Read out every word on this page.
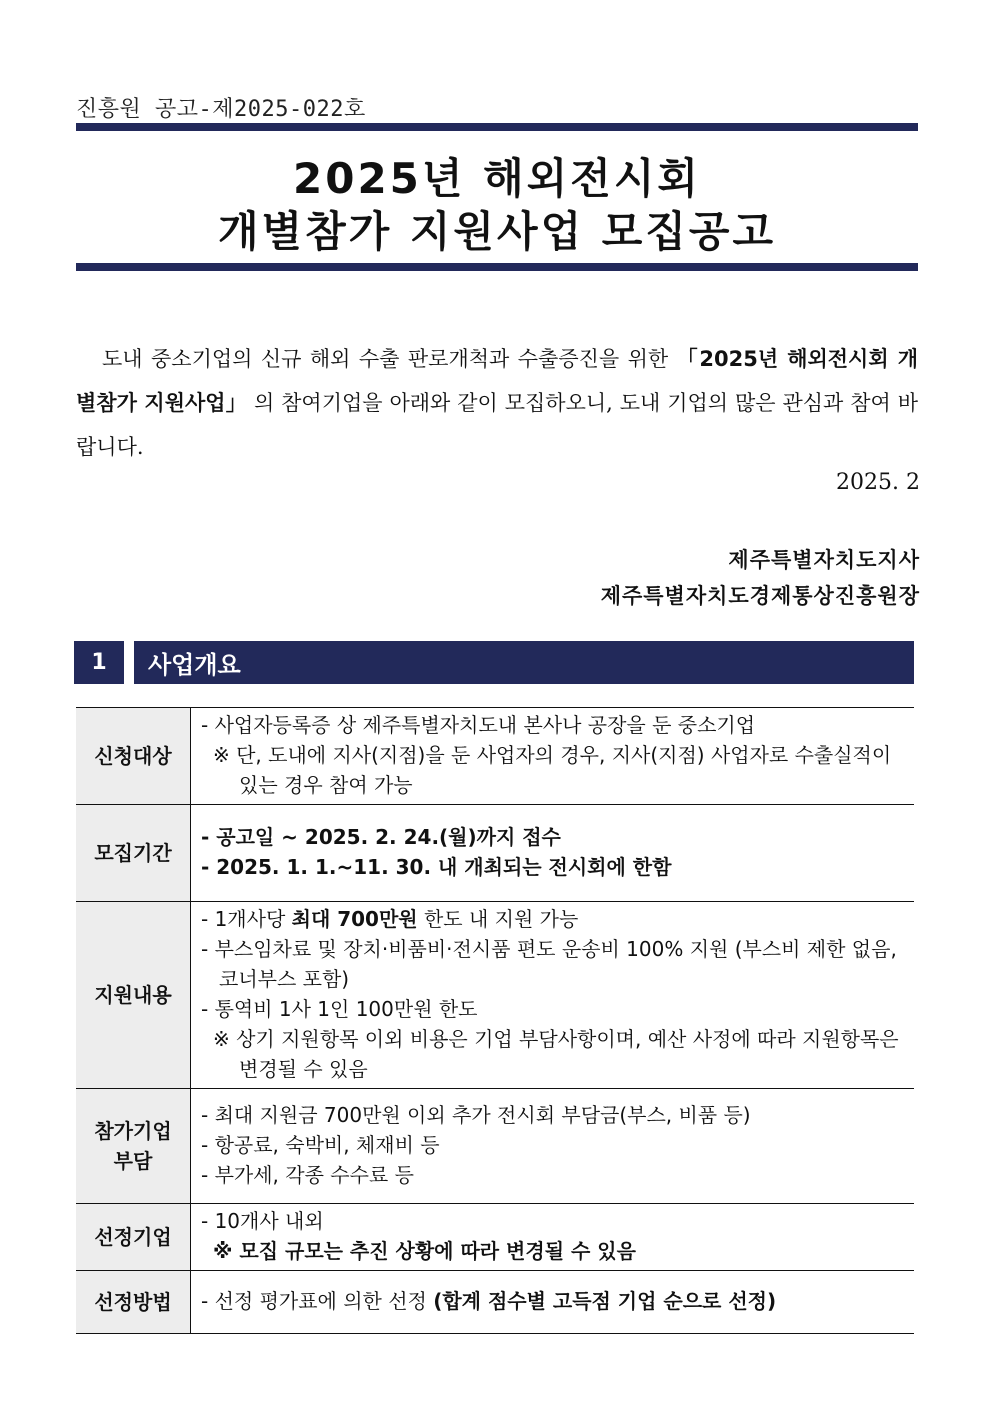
진흥원 공고-제2025-022호
2025년 해외전시회
개별참가 지원사업 모집공고
도내 중소기업의 신규 해외 수출 판로개척과 수출증진을 위한 「2025년 해외전시회 개별참가 지원사업」 의 참여기업을 아래와 같이 모집하오니, 도내 기업의 많은 관심과 참여 바랍니다.
2025. 2
제주특별자치도지사
제주특별자치도경제통상진흥원장
1	사업개요
신청대상	- 사업자등록증 상 제주특별자치도내 본사나 공장을 둔 중소기업
※ 단, 도내에 지사(지점)을 둔 사업자의 경우, 지사(지점) 사업자로 수출실적이 있는 경우 참여 가능

모집기간	- 공고일 ~ 2025. 2. 24.(월)까지 접수
- 2025. 1. 1.~11. 30. 내 개최되는 전시회에 한함

지원내용	- 1개사당 최대 700만원 한도 내 지원 가능
- 부스임차료 및 장치·비품비·전시품 편도 운송비 100% 지원 (부스비 제한 없음, 코너부스 포함)
- 통역비 1사 1인 100만원 한도
※ 상기 지원항목 이외 비용은 기업 부담사항이며, 예산 사정에 따라 지원항목은 변경될 수 있음

참가기업
부담	- 최대 지원금 700만원 이외 추가 전시회 부담금(부스, 비품 등)
- 항공료, 숙박비, 체재비 등
- 부가세, 각종 수수료 등

선정기업	- 10개사 내외
※ 모집 규모는 추진 상황에 따라 변경될 수 있음

선정방법	- 선정 평가표에 의한 선정 (합계 점수별 고득점 기업 순으로 선정)
